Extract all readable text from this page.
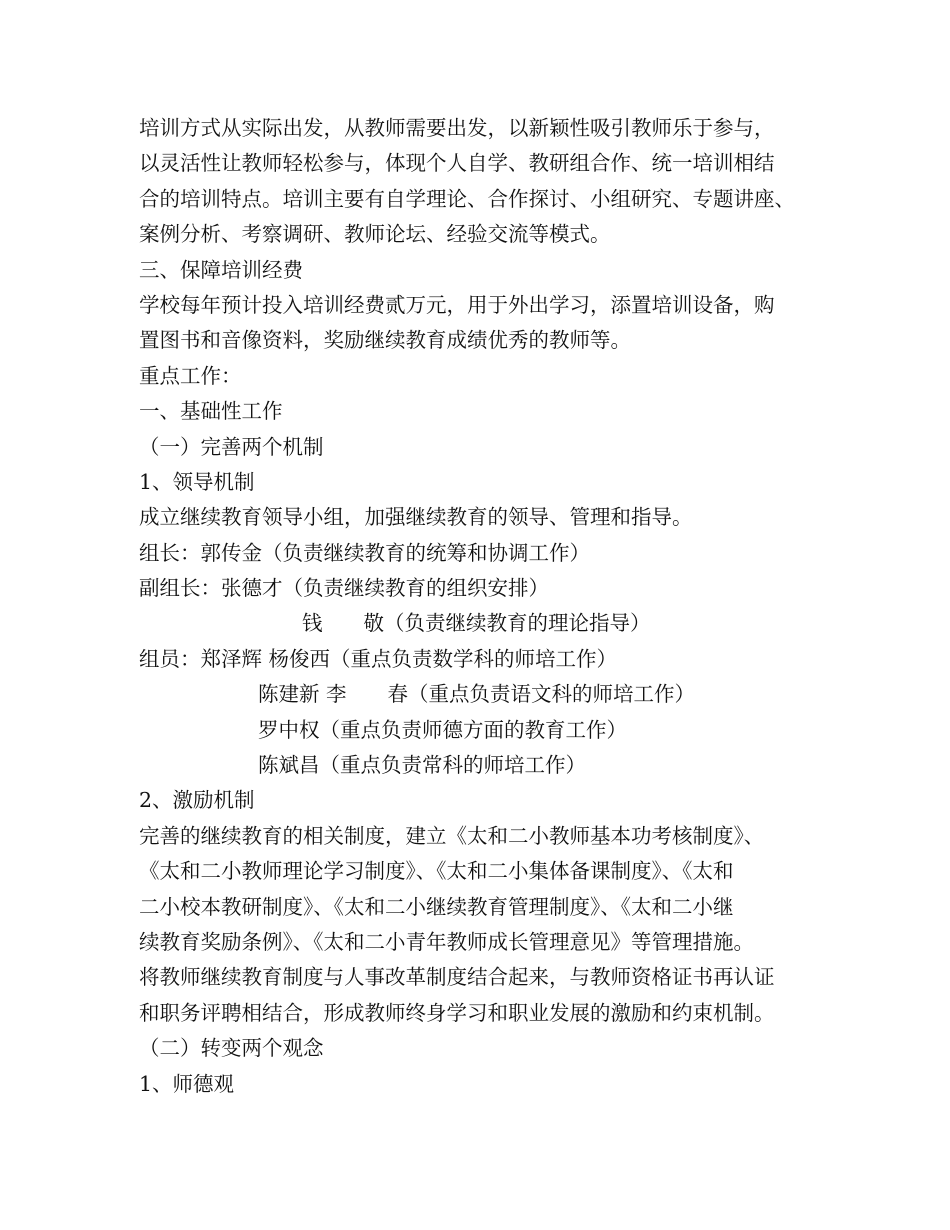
培训方式从实际出发，从教师需要出发，以新颖性吸引教师乐于参与，
以灵活性让教师轻松参与，体现个人自学、教研组合作、统一培训相结
合的培训特点。培训主要有自学理论、合作探讨、小组研究、专题讲座、
案例分析、考察调研、教师论坛、经验交流等模式。
三、保障培训经费
学校每年预计投入培训经费贰万元，用于外出学习，添置培训设备，购
置图书和音像资料，奖励继续教育成绩优秀的教师等。
重点工作：
一、基础性工作
（一）完善两个机制
1、领导机制
成立继续教育领导小组，加强继续教育的领导、管理和指导。
组长：郭传金（负责继续教育的统筹和协调工作）
副组长：张德才（负责继续教育的组织安排）
钱　　敬（负责继续教育的理论指导）
组员：郑泽辉 杨俊西（重点负责数学科的师培工作）
陈建新 李　　春（重点负责语文科的师培工作）
罗中权（重点负责师德方面的教育工作）
陈斌昌（重点负责常科的师培工作）
2、激励机制
完善的继续教育的相关制度，建立《太和二小教师基本功考核制度》、
《太和二小教师理论学习制度》、《太和二小集体备课制度》、《太和
二小校本教研制度》、《太和二小继续教育管理制度》、《太和二小继
续教育奖励条例》、《太和二小青年教师成长管理意见》等管理措施。
将教师继续教育制度与人事改革制度结合起来，与教师资格证书再认证
和职务评聘相结合，形成教师终身学习和职业发展的激励和约束机制。
（二）转变两个观念
1、师德观
